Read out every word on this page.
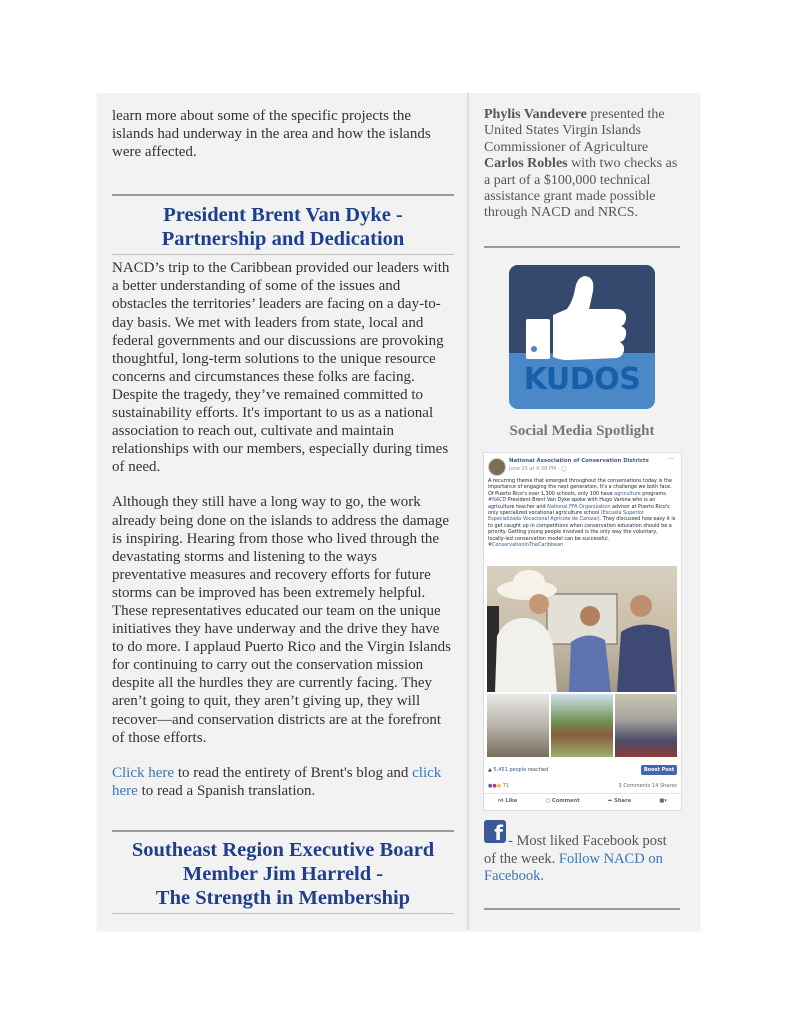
learn more about some of the specific projects the islands had underway in the area and how the islands were affected.

President Brent Van Dyke -
Partnership and Dedication

NACD’s trip to the Caribbean provided our leaders with a better understanding of some of the issues and obstacles the territories’ leaders are facing on a day-to-day basis. We met with leaders from state, local and federal governments and our discussions are provoking thoughtful, long-term solutions to the unique resource concerns and circumstances these folks are facing. Despite the tragedy, they’ve remained committed to sustainability efforts. It's important to us as a national association to reach out, cultivate and maintain relationships with our members, especially during times of need.

Although they still have a long way to go, the work already being done on the islands to address the damage is inspiring. Hearing from those who lived through the devastating storms and listening to the ways preventative measures and recovery efforts for future storms can be improved has been extremely helpful. These representatives educated our team on the unique initiatives they have underway and the drive they have to do more. I applaud Puerto Rico and the Virgin Islands for continuing to carry out the conservation mission despite all the hurdles they are currently facing. They aren’t going to quit, they aren’t giving up, they will recover—and conservation districts are at the forefront of those efforts.

Click here to read the entirety of Brent's blog and click here to read a Spanish translation.

Southeast Region Executive Board
Member Jim Harreld -
The Strength in Membership

Phylis Vandevere presented the United States Virgin Islands Commissioner of Agriculture Carlos Robles with two checks as a part of a $100,000 technical assistance grant made possible through NACD and NRCS.

KUDOS
Social Media Spotlight
National Association of Conservation Districts
June 25 at 4:38 PM · ◯
···
A recurring theme that emerged throughout the conversations today is the importance of engaging the next generation. It's a challenge we both face. Of Puerto Rico's over 1,300 schools, only 100 have agriculture programs. #NACD President Brent Van Dyke spoke with Hugo Varona who is an agriculture teacher and National FFA Organization advisor at Puerto Rico's only specialized vocational agriculture school (Escuela Superior Especializada Vocacional Agrícola de Carozal). They discussed how easy it is to get caught up in competitions when conservation education should be a priority. Getting young people involved is the only way the voluntary, locally-led conservation model can be successful.
#ConservationInTheCaribbean
▲ 5,451 people reached	Boost Post
●●● 71	3 Comments 14 Shares
👍︎ Like	○ Comment	➦ Share	■▾
f - Most liked Facebook post of the week. Follow NACD on Facebook.
